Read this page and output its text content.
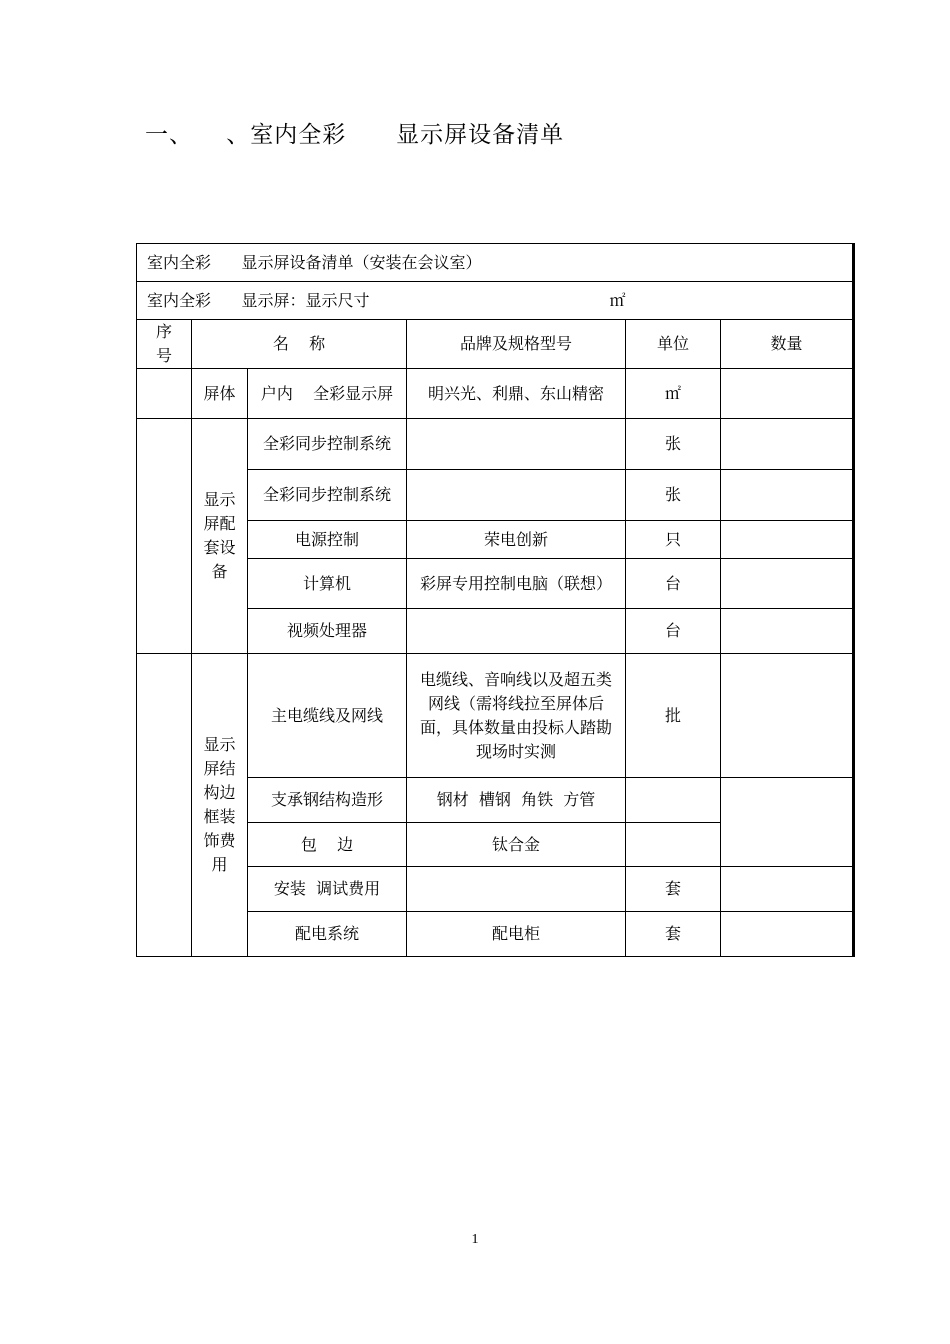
一、    、室内全彩      显示屏设备清单
室内全彩      显示屏设备清单（安装在会议室）					
室内全彩      显示屏：显示尺寸 ㎡					
序号	名    称		品牌及规格型号	单位	数量
	屏体	户内    全彩显示屏	明兴光、利鼎、东山精密	㎡	
	显示屏配套设备	全彩同步控制系统		张	
		全彩同步控制系统		张	
		电源控制	荣电创新	只	
		计算机	彩屏专用控制电脑（联想）	台	
		视频处理器		台	
	显示屏结构边框装饰费用	主电缆线及网线	电缆线、音响线以及超五类网线（需将线拉至屏体后面，具体数量由投标人踏勘现场时实测	批	
		支承钢结构造形	钢材  槽钢  角铁  方管		
		包    边	钛合金		
		安装  调试费用		套	
		配电系统	配电柜	套	
1
